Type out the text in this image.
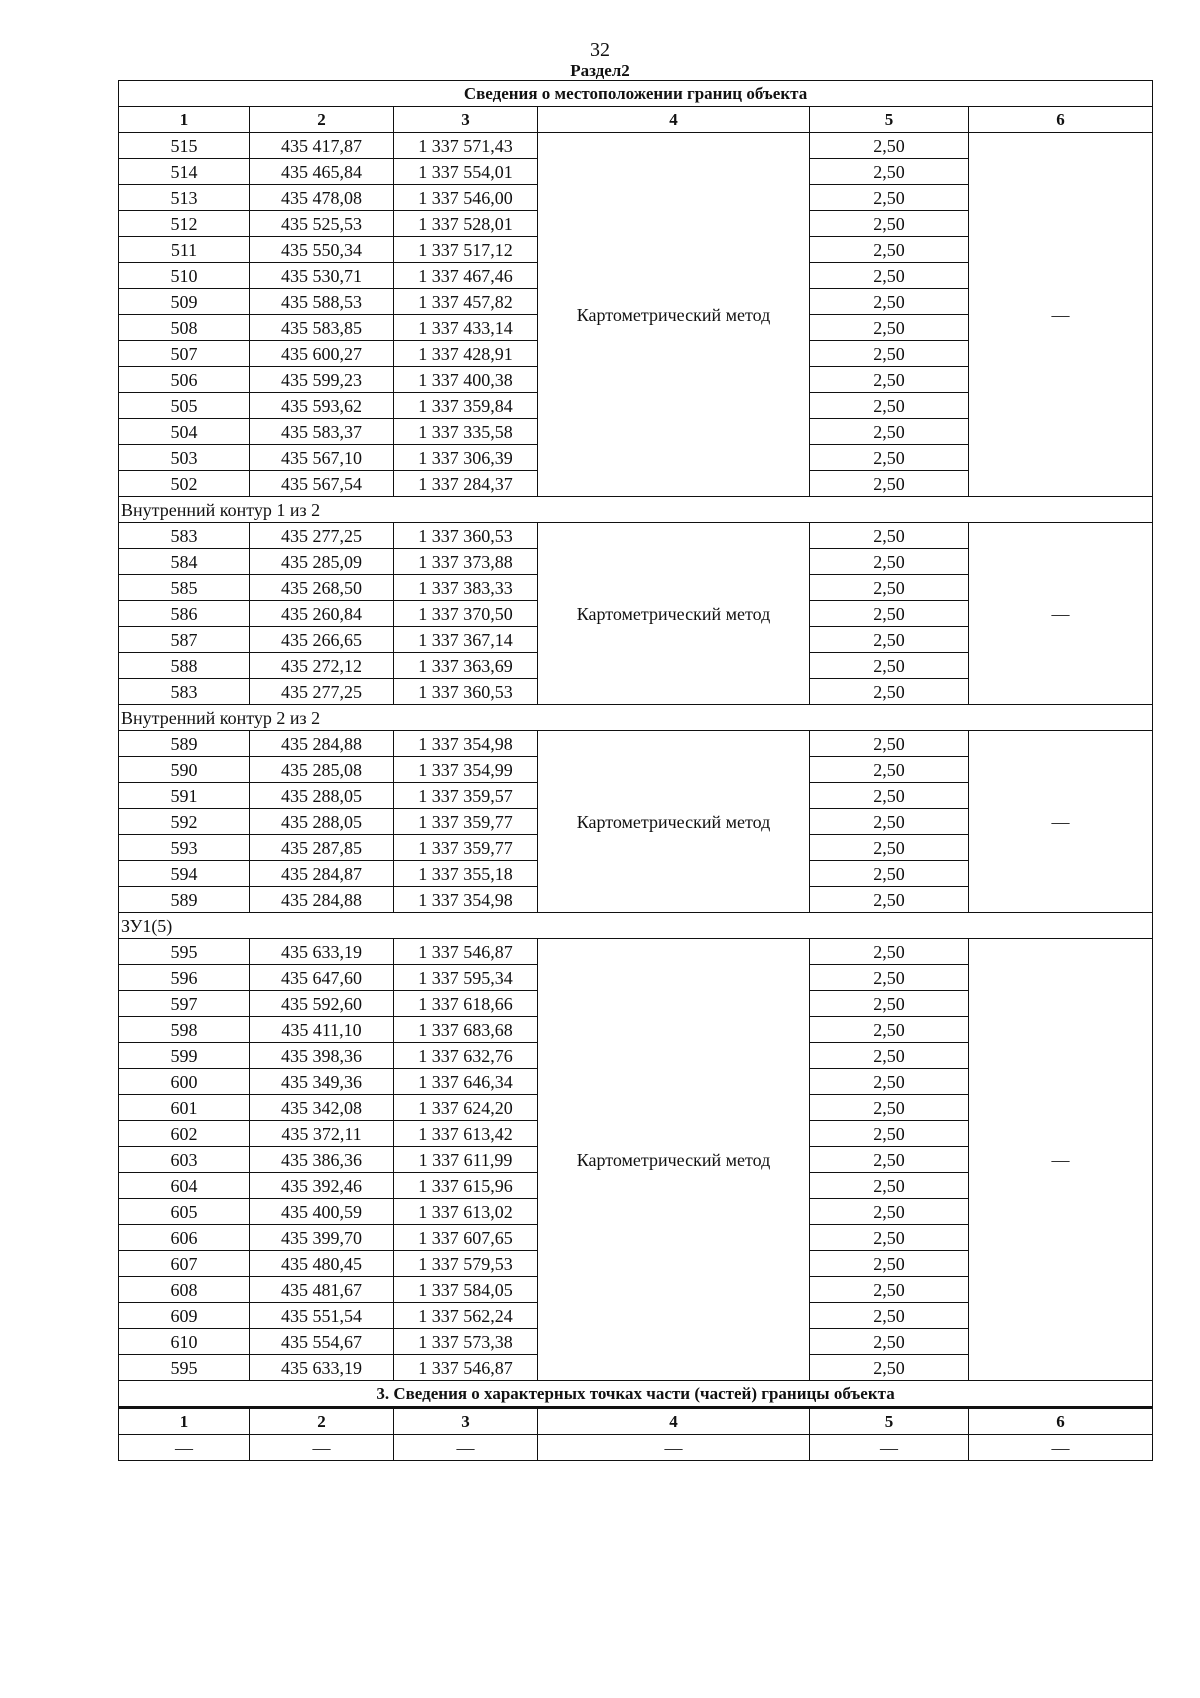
32
Раздел2
Сведения о местоположении границ объекта					
1	2	3	4	5	6
515	435 417,87	1 337 571,43	Картометрический метод	2,50	—
514	435 465,84	1 337 554,01		2,50	
513	435 478,08	1 337 546,00		2,50	
512	435 525,53	1 337 528,01		2,50	
511	435 550,34	1 337 517,12		2,50	
510	435 530,71	1 337 467,46		2,50	
509	435 588,53	1 337 457,82		2,50	
508	435 583,85	1 337 433,14		2,50	
507	435 600,27	1 337 428,91		2,50	
506	435 599,23	1 337 400,38		2,50	
505	435 593,62	1 337 359,84		2,50	
504	435 583,37	1 337 335,58		2,50	
503	435 567,10	1 337 306,39		2,50	
502	435 567,54	1 337 284,37		2,50	
Внутренний контур 1 из 2					
583	435 277,25	1 337 360,53	Картометрический метод	2,50	—
584	435 285,09	1 337 373,88		2,50	
585	435 268,50	1 337 383,33		2,50	
586	435 260,84	1 337 370,50		2,50	
587	435 266,65	1 337 367,14		2,50	
588	435 272,12	1 337 363,69		2,50	
583	435 277,25	1 337 360,53		2,50	
Внутренний контур 2 из 2					
589	435 284,88	1 337 354,98	Картометрический метод	2,50	—
590	435 285,08	1 337 354,99		2,50	
591	435 288,05	1 337 359,57		2,50	
592	435 288,05	1 337 359,77		2,50	
593	435 287,85	1 337 359,77		2,50	
594	435 284,87	1 337 355,18		2,50	
589	435 284,88	1 337 354,98		2,50	
ЗУ1(5)					
595	435 633,19	1 337 546,87	Картометрический метод	2,50	—
596	435 647,60	1 337 595,34		2,50	
597	435 592,60	1 337 618,66		2,50	
598	435 411,10	1 337 683,68		2,50	
599	435 398,36	1 337 632,76		2,50	
600	435 349,36	1 337 646,34		2,50	
601	435 342,08	1 337 624,20		2,50	
602	435 372,11	1 337 613,42		2,50	
603	435 386,36	1 337 611,99		2,50	
604	435 392,46	1 337 615,96		2,50	
605	435 400,59	1 337 613,02		2,50	
606	435 399,70	1 337 607,65		2,50	
607	435 480,45	1 337 579,53		2,50	
608	435 481,67	1 337 584,05		2,50	
609	435 551,54	1 337 562,24		2,50	
610	435 554,67	1 337 573,38		2,50	
595	435 633,19	1 337 546,87		2,50	
3. Сведения о характерных точках части (частей) границы объекта					
1	2	3	4	5	6
—	—	—	—	—	—
